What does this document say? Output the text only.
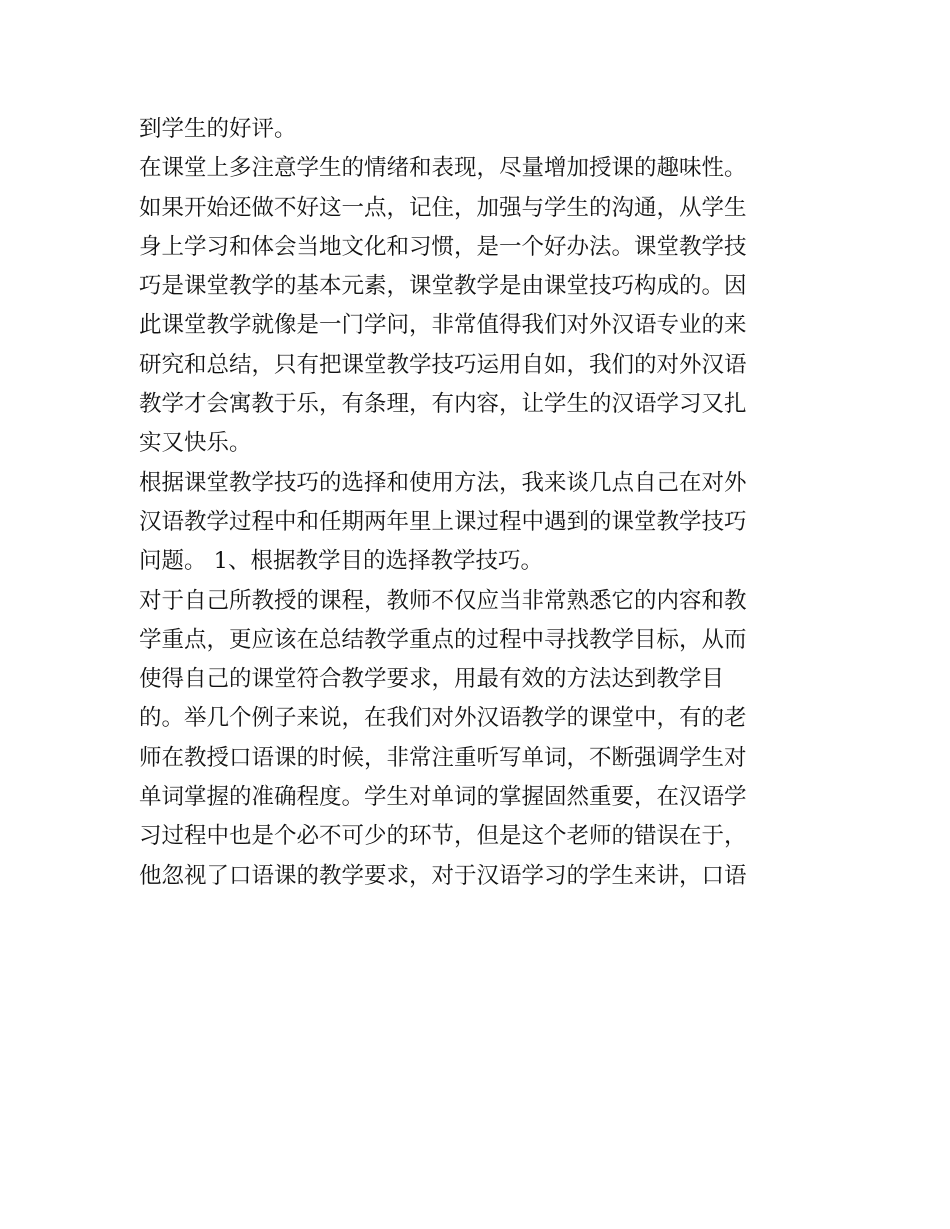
到学生的好评。
在课堂上多注意学生的情绪和表现，尽量增加授课的趣味性。
如果开始还做不好这一点，记住，加强与学生的沟通，从学生
身上学习和体会当地文化和习惯，是一个好办法。课堂教学技
巧是课堂教学的基本元素，课堂教学是由课堂技巧构成的。因
此课堂教学就像是一门学问，非常值得我们对外汉语专业的来
研究和总结，只有把课堂教学技巧运用自如，我们的对外汉语
教学才会寓教于乐，有条理，有内容，让学生的汉语学习又扎
实又快乐。
根据课堂教学技巧的选择和使用方法，我来谈几点自己在对外
汉语教学过程中和任期两年里上课过程中遇到的课堂教学技巧
问题。 1、根据教学目的选择教学技巧。
对于自己所教授的课程，教师不仅应当非常熟悉它的内容和教
学重点，更应该在总结教学重点的过程中寻找教学目标，从而
使得自己的课堂符合教学要求，用最有效的方法达到教学目
的。举几个例子来说，在我们对外汉语教学的课堂中，有的老
师在教授口语课的时候，非常注重听写单词，不断强调学生对
单词掌握的准确程度。学生对单词的掌握固然重要，在汉语学
习过程中也是个必不可少的环节，但是这个老师的错误在于，
他忽视了口语课的教学要求，对于汉语学习的学生来讲，口语
